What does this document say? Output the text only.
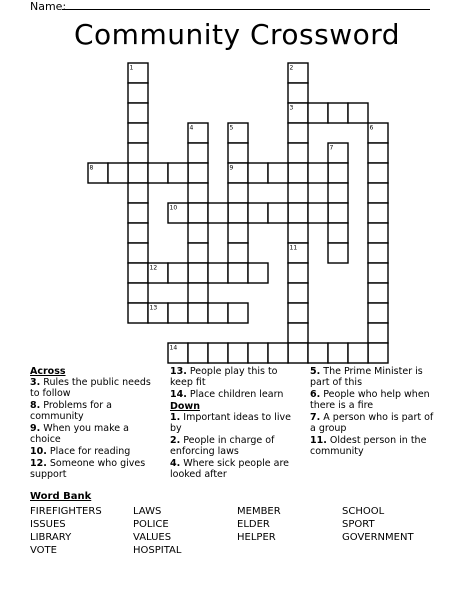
Name:
Community Crossword
1	2
3
4	5	6
7
8	9
10
11
12
13
14
Across
3. Rules the public needs to follow
8. Problems for a community
9. When you make a choice
10. Place for reading
12. Someone who gives support
13. People play this to keep fit
14. Place children learn
Down
1. Important ideas to live by
2. People in charge of enforcing laws
4. Where sick people are looked after
5. The Prime Minister is part of this
6. People who help when there is a fire
7. A person who is part of a group
11. Oldest person in the community
Word Bank
FIREFIGHTERS
ISSUES
LIBRARY
VOTE
LAWS
POLICE
VALUES
HOSPITAL
MEMBER
ELDER
HELPER
SCHOOL
SPORT
GOVERNMENT
